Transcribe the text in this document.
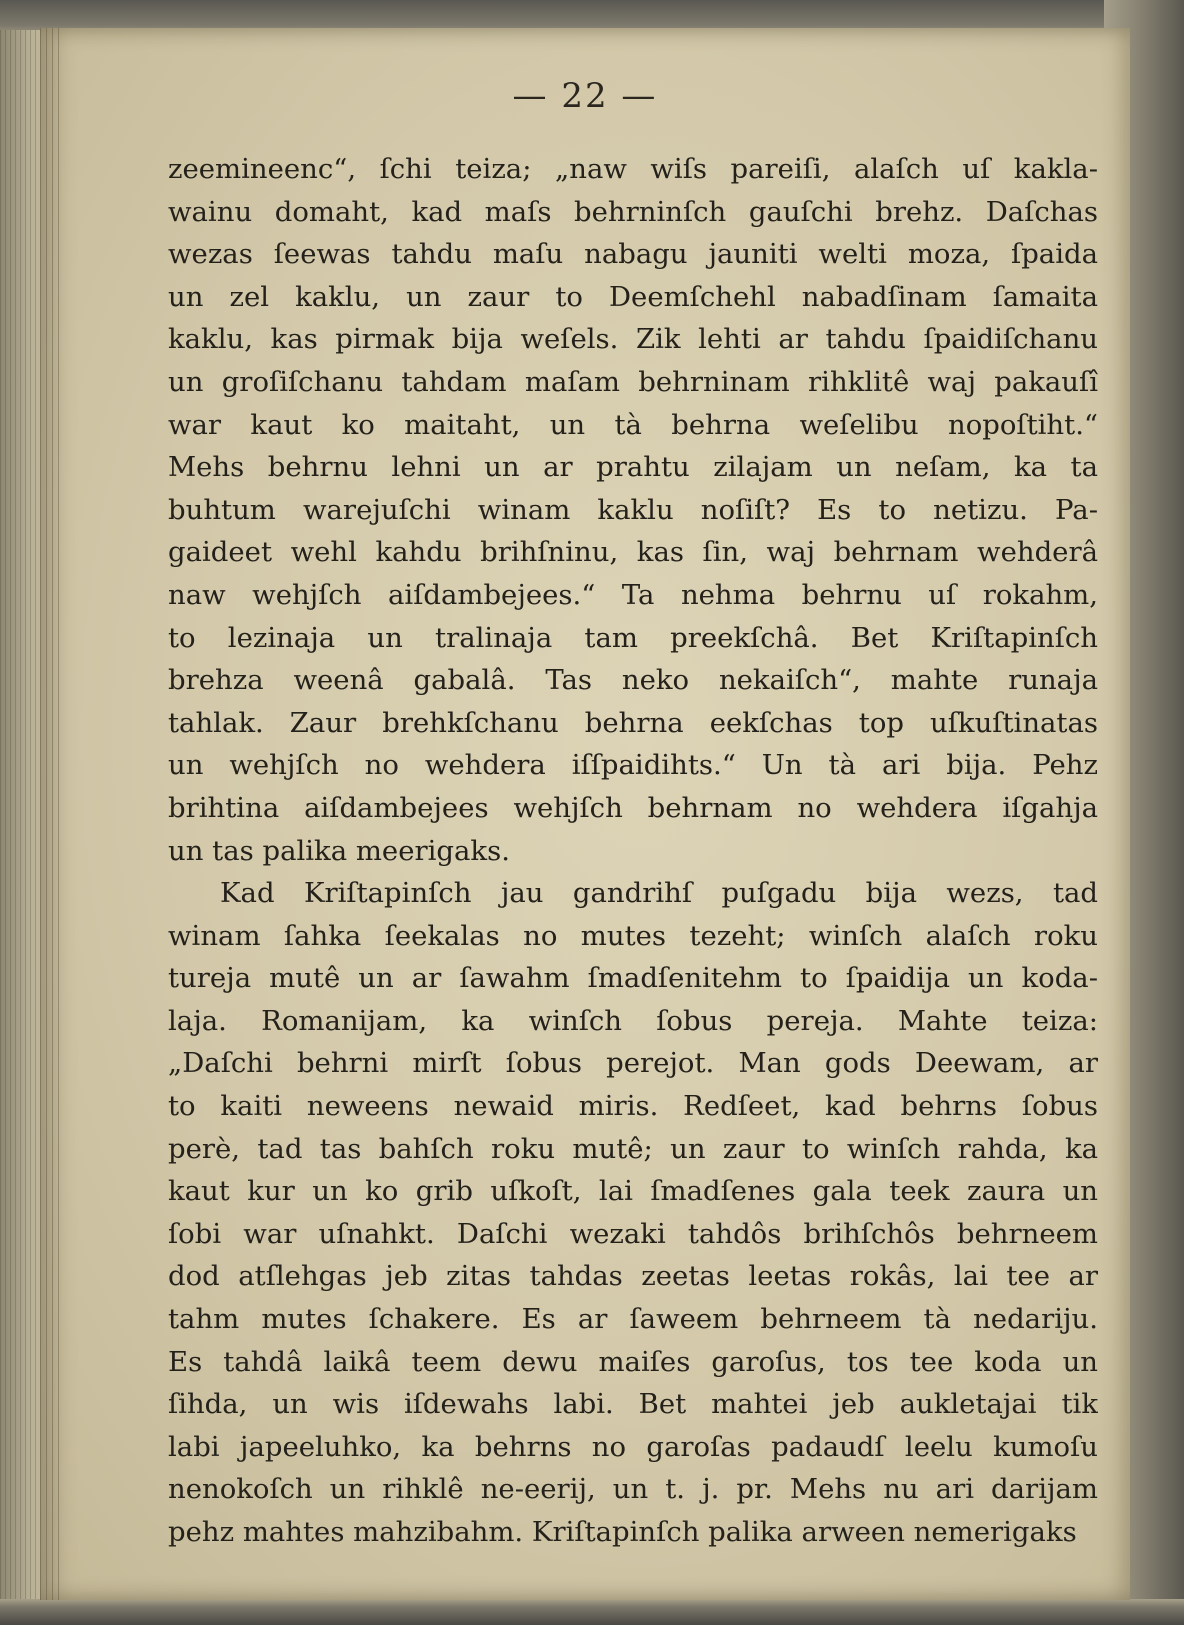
— 22 —
zeeminеenc“, ſchi teiza; „naw wiſs pareiſi, alaſch uſ kakla‐
wainu domaht, kad maſs behrninſch gauſchi brehz. Daſchas
wezas ſeewas tahdu maſu nabagu jauniti welti moza, ſpaida
un zel kaklu, un zaur to Deemſchehl nabadſinam ſamaita
kaklu, kas pirmak bija weſels. Zik lehti ar tahdu ſpaidiſchanu
un groſiſchanu tahdam maſam behrninam rihklitê waj pakauſî
war kaut ko maitaht, un tà behrna weſelibu nopoſtiht.“
Mehs behrnu lehni un ar prahtu zilajam un neſam, ka ta
buhtum warejuſchi winam kaklu noſiſt? Es to netizu. Pa‐
gaideet wehl kahdu brihſninu, kas ſin, waj behrnam wehderâ
naw wehjſch aiſdambejees.“ Ta nehma behrnu uſ rokahm,
to lezinaja un tralinaja tam preekſchâ. Bet Kriſtapinſch
brehza weenâ gabalâ. Tas neko nekaiſch“, mahte runaja
tahlak. Zaur brehkſchanu behrna eekſchas top uſkuſtinatas
un wehjſch no wehdera iſſpaidihts.“ Un tà ari bija. Pehz
brihtina aiſdambejees wehjſch behrnam no wehdera iſgahja
un tas palika meerigaks.
Kad Kriſtapinſch jau gandrihſ puſgadu bija wezs, tad
winam ſahka ſeekalas no mutes tezeht; winſch alaſch roku
tureja mutê un ar ſawahm ſmadſenitehm to ſpaidija un koda‐
laja. Romanijam, ka winſch ſobus pereja. Mahte teiza:
„Daſchi behrni mirſt ſobus perejot. Man gods Deewam, ar
to kaiti neweens newaid miris. Redſeet, kad behrns ſobus
perè, tad tas bahſch roku mutê; un zaur to winſch rahda, ka
kaut kur un ko grib uſkoſt, lai ſmadſenes gala teek zaura un
ſobi war uſnahkt. Daſchi wezaki tahdôs brihſchôs behrneem
dod atſlehgas jeb zitas tahdas zeetas leetas rokâs, lai tee ar
tahm mutes ſchakere. Es ar ſaweem behrneem tà nedariju.
Es tahdâ laikâ teem dewu maiſes garoſus, tos tee koda un
ſihda, un wis iſdewahs labi. Bet mahtei jeb aukletajai tik
labi japeeluhko, ka behrns no garoſas padaudſ leelu kumoſu
nenokoſch un rihklê ne‐eerij, un t. j. pr. Mehs nu ari darijam
pehz mahtes mahzibahm. Kriſtapinſch palika arween nemerigaks
